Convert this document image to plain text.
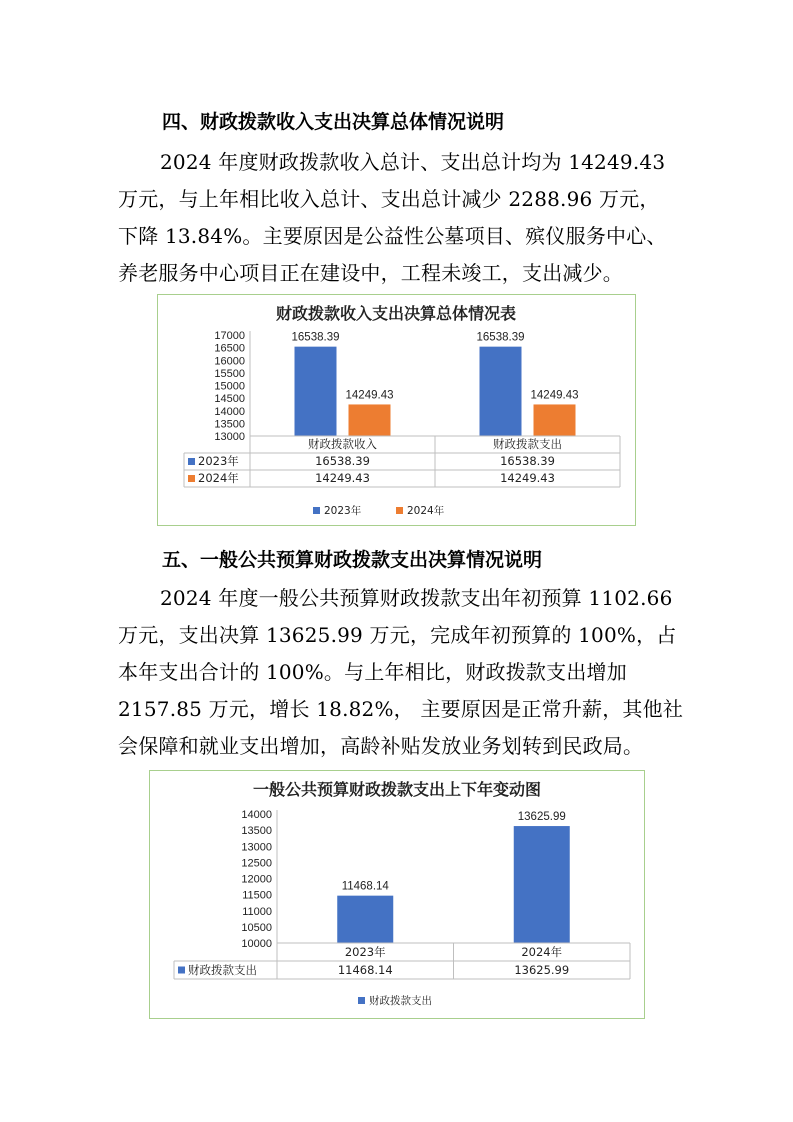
四、财政拨款收入支出决算总体情况说明
2024 年度财政拨款收入总计、支出总计均为 14249.43
万元，与上年相比收入总计、支出总计减少 2288.96 万元，
下降 13.84%。主要原因是公益性公墓项目、殡仪服务中心、
养老服务中心项目正在建设中，工程未竣工，支出减少。
财政拨款收入支出决算总体情况表
13000
13500
14000
14500
15000
15500
16000
16500
17000	16538.39	16538.39
14249.43	14249.43
财政拨款收入	财政拨款支出
2023年	16538.39	16538.39
2024年	14249.43	14249.43
2023年	2024年
五、一般公共预算财政拨款支出决算情况说明
2024 年度一般公共预算财政拨款支出年初预算 1102.66
万元，支出决算 13625.99 万元，完成年初预算的 100%，占
本年支出合计的 100%。与上年相比，财政拨款支出增加
2157.85 万元，增长 18.82%， 主要原因是正常升薪，其他社
会保障和就业支出增加，高龄补贴发放业务划转到民政局。
一般公共预算财政拨款支出上下年变动图
10000
10500
11000
11500
12000
12500
13000
13500
14000
11468.14
13625.99
2023年	2024年
财政拨款支出	11468.14	13625.99
财政拨款支出
